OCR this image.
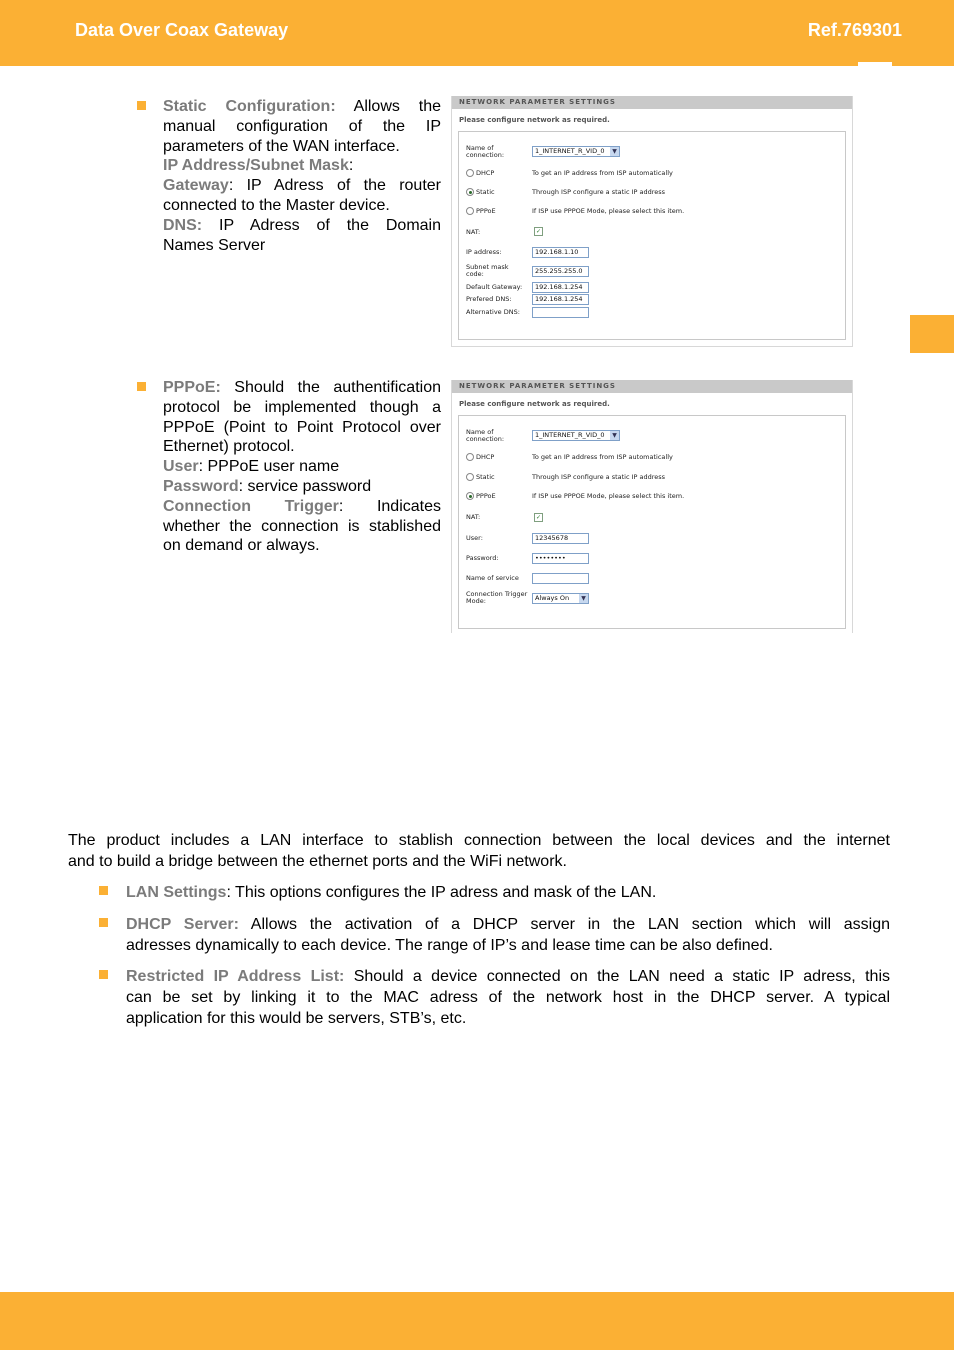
Data Over Coax Gateway	Ref.769301
Static Configuration: Allows the
manual configuration of the IP
parameters of the WAN interface.
IP Address/Subnet Mask:
Gateway: IP Adress of the router
connected to the Master device.
DNS: IP Adress of the Domain
Names Server
NETWORK PARAMETER SETTINGS
Please configure network as required.
Name of
connection:	1_INTERNET_R_VID_0	▼
DHCP	To get an IP address from ISP automatically
Static	Through ISP configure a static IP address
PPPoE	If ISP use PPPOE Mode, please select this item.
NAT:	✓
IP address:	192.168.1.10
Subnet mask
code:	255.255.255.0
Default Gateway:	192.168.1.254
Prefered DNS:	192.168.1.254
Alternative DNS:
PPPoE: Should the authentification
protocol be implemented though a
PPPoE (Point to Point Protocol over
Ethernet) protocol.
User: PPPoE user name
Password: service password
Connection Trigger: Indicates
whether the connection is stablished
on demand or always.
NETWORK PARAMETER SETTINGS
Please configure network as required.
Name of
connection:	1_INTERNET_R_VID_0	▼
DHCP	To get an IP address from ISP automatically
Static	Through ISP configure a static IP address
PPPoE	If ISP use PPPOE Mode, please select this item.
NAT:	✓
User:	12345678
Password:	••••••••
Name of service
Connection Trigger
Mode:	Always On	▼
The product includes a LAN interface to stablish connection between the local devices and the internet
and to build a bridge between the ethernet ports and the WiFi network.
LAN Settings: This options configures the IP adress and mask of the LAN.
DHCP Server: Allows the activation of a DHCP server in the LAN section which will assign
adresses dynamically to each device. The range of IP’s and lease time can be also defined.
Restricted IP Address List: Should a device connected on the LAN need a static IP adress, this
can be set by linking it to the MAC adress of the network host in the DHCP server. A typical
application for this would be servers, STB’s, etc.
